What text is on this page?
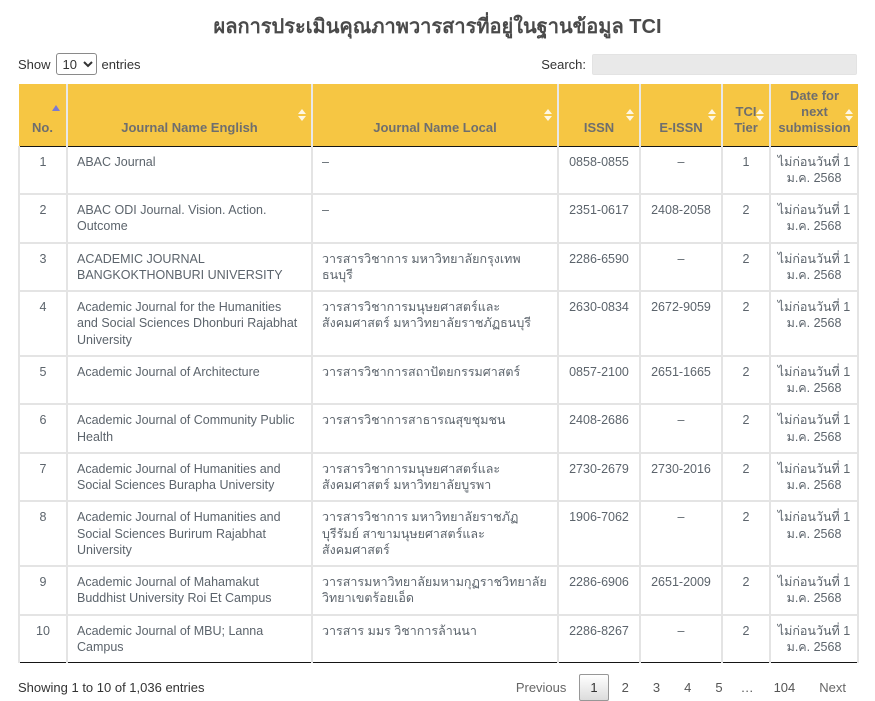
ผลการประเมินคุณภาพวารสารที่อยู่ในฐานข้อมูล TCI
Show
10	entries	Search:
No.	Journal Name English	Journal Name Local	ISSN	E-ISSN	TCI Tier	Date for next submission
1	ABAC Journal	–	0858-0855	–	1	ไม่ก่อนวันที่ 1 ม.ค. 2568
2	ABAC ODI Journal. Vision. Action. Outcome	–	2351-0617	2408-2058	2	ไม่ก่อนวันที่ 1 ม.ค. 2568
3	ACADEMIC JOURNAL BANGKOKTHONBURI UNIVERSITY	วารสารวิชาการ มหาวิทยาลัยกรุงเทพธนบุรี	2286-6590	–	2	ไม่ก่อนวันที่ 1 ม.ค. 2568
4	Academic Journal for the Humanities and Social Sciences Dhonburi Rajabhat University	วารสารวิชาการมนุษยศาสตร์และสังคมศาสตร์ มหาวิทยาลัยราชภัฏธนบุรี	2630-0834	2672-9059	2	ไม่ก่อนวันที่ 1 ม.ค. 2568
5	Academic Journal of Architecture	วารสารวิชาการสถาปัตยกรรมศาสตร์	0857-2100	2651-1665	2	ไม่ก่อนวันที่ 1 ม.ค. 2568
6	Academic Journal of Community Public Health	วารสารวิชาการสาธารณสุขชุมชน	2408-2686	–	2	ไม่ก่อนวันที่ 1 ม.ค. 2568
7	Academic Journal of Humanities and Social Sciences Burapha University	วารสารวิชาการมนุษยศาสตร์และสังคมศาสตร์ มหาวิทยาลัยบูรพา	2730-2679	2730-2016	2	ไม่ก่อนวันที่ 1 ม.ค. 2568
8	Academic Journal of Humanities and Social Sciences Burirum Rajabhat University	วารสารวิชาการ มหาวิทยาลัยราชภัฏบุรีรัมย์ สาขามนุษยศาสตร์และสังคมศาสตร์	1906-7062	–	2	ไม่ก่อนวันที่ 1 ม.ค. 2568
9	Academic Journal of Mahamakut Buddhist University Roi Et Campus	วารสารมหาวิทยาลัยมหามกุฏราชวิทยาลัย วิทยาเขตร้อยเอ็ด	2286-6906	2651-2009	2	ไม่ก่อนวันที่ 1 ม.ค. 2568
10	Academic Journal of MBU; Lanna Campus	วารสาร มมร วิชาการล้านนา	2286-8267	–	2	ไม่ก่อนวันที่ 1 ม.ค. 2568
Showing 1 to 10 of 1,036 entries	Previous	1	2	3	4	5	…	104	Next
